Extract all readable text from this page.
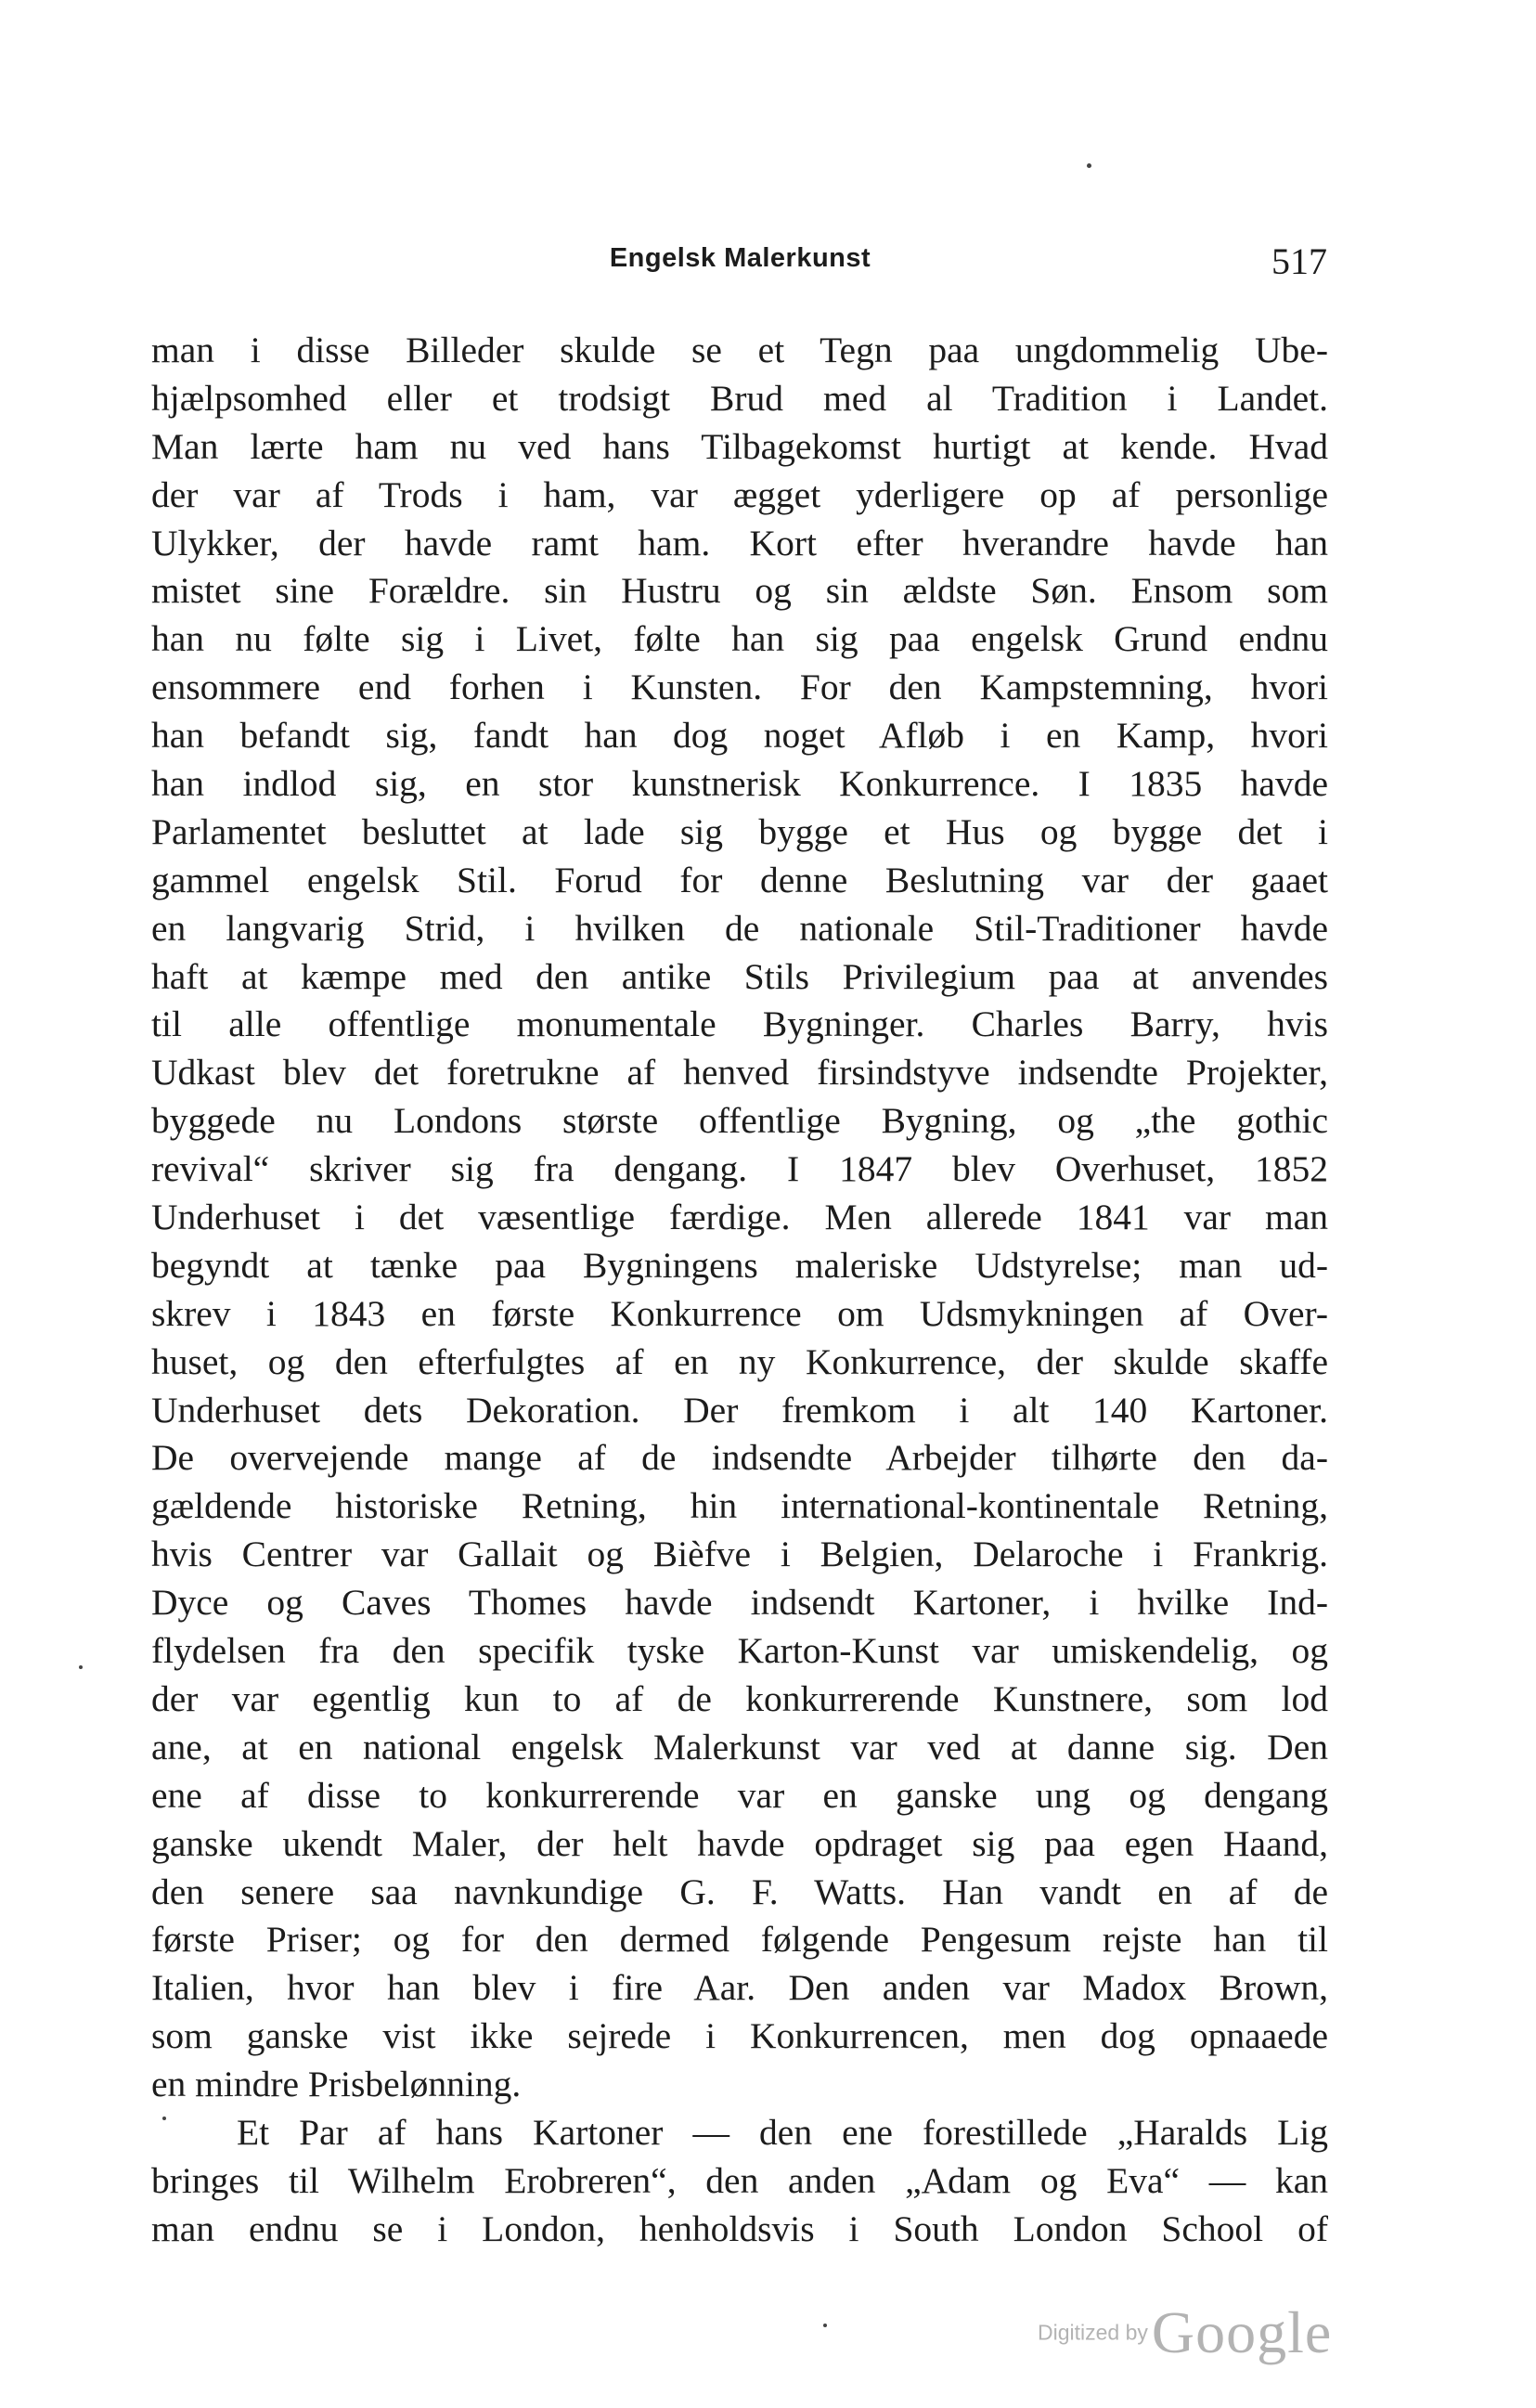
Engelsk Malerkunst	517
man i disse Billeder skulde se et Tegn paa ungdommelig Ube-
hjælpsomhed eller et trodsigt Brud med al Tradition i Landet.
Man lærte ham nu ved hans Tilbagekomst hurtigt at kende. Hvad
der var af Trods i ham, var ægget yderligere op af personlige
Ulykker, der havde ramt ham. Kort efter hverandre havde han
mistet sine Forældre. sin Hustru og sin ældste Søn. Ensom som
han nu følte sig i Livet, følte han sig paa engelsk Grund endnu
ensommere end forhen i Kunsten. For den Kampstemning, hvori
han befandt sig, fandt han dog noget Afløb i en Kamp, hvori
han indlod sig, en stor kunstnerisk Konkurrence. I 1835 havde
Parlamentet besluttet at lade sig bygge et Hus og bygge det i
gammel engelsk Stil. Forud for denne Beslutning var der gaaet
en langvarig Strid, i hvilken de nationale Stil-Traditioner havde
haft at kæmpe med den antike Stils Privilegium paa at anvendes
til alle offentlige monumentale Bygninger. Charles Barry, hvis
Udkast blev det foretrukne af henved firsindstyve indsendte Projekter,
byggede nu Londons største offentlige Bygning, og „the gothic
revival“ skriver sig fra dengang. I 1847 blev Overhuset, 1852
Underhuset i det væsentlige færdige. Men allerede 1841 var man
begyndt at tænke paa Bygningens maleriske Udstyrelse; man ud-
skrev i 1843 en første Konkurrence om Udsmykningen af Over-
huset, og den efterfulgtes af en ny Konkurrence, der skulde skaffe
Underhuset dets Dekoration. Der fremkom i alt 140 Kartoner.
De overvejende mange af de indsendte Arbejder tilhørte den da-
gældende historiske Retning, hin international-kontinentale Retning,
hvis Centrer var Gallait og Bièfve i Belgien, Delaroche i Frankrig.
Dyce og Caves Thomes havde indsendt Kartoner, i hvilke Ind-
flydelsen fra den specifik tyske Karton-Kunst var umiskendelig, og
der var egentlig kun to af de konkurrerende Kunstnere, som lod
ane, at en national engelsk Malerkunst var ved at danne sig. Den
ene af disse to konkurrerende var en ganske ung og dengang
ganske ukendt Maler, der helt havde opdraget sig paa egen Haand,
den senere saa navnkundige G. F. Watts. Han vandt en af de
første Priser; og for den dermed følgende Pengesum rejste han til
Italien, hvor han blev i fire Aar. Den anden var Madox Brown,
som ganske vist ikke sejrede i Konkurrencen, men dog opnaaede
en mindre Prisbelønning.
Et Par af hans Kartoner — den ene forestillede „Haralds Lig
bringes til Wilhelm Erobreren“, den anden „Adam og Eva“ — kan
man endnu se i London, henholdsvis i South London School of
Digitized by Google
